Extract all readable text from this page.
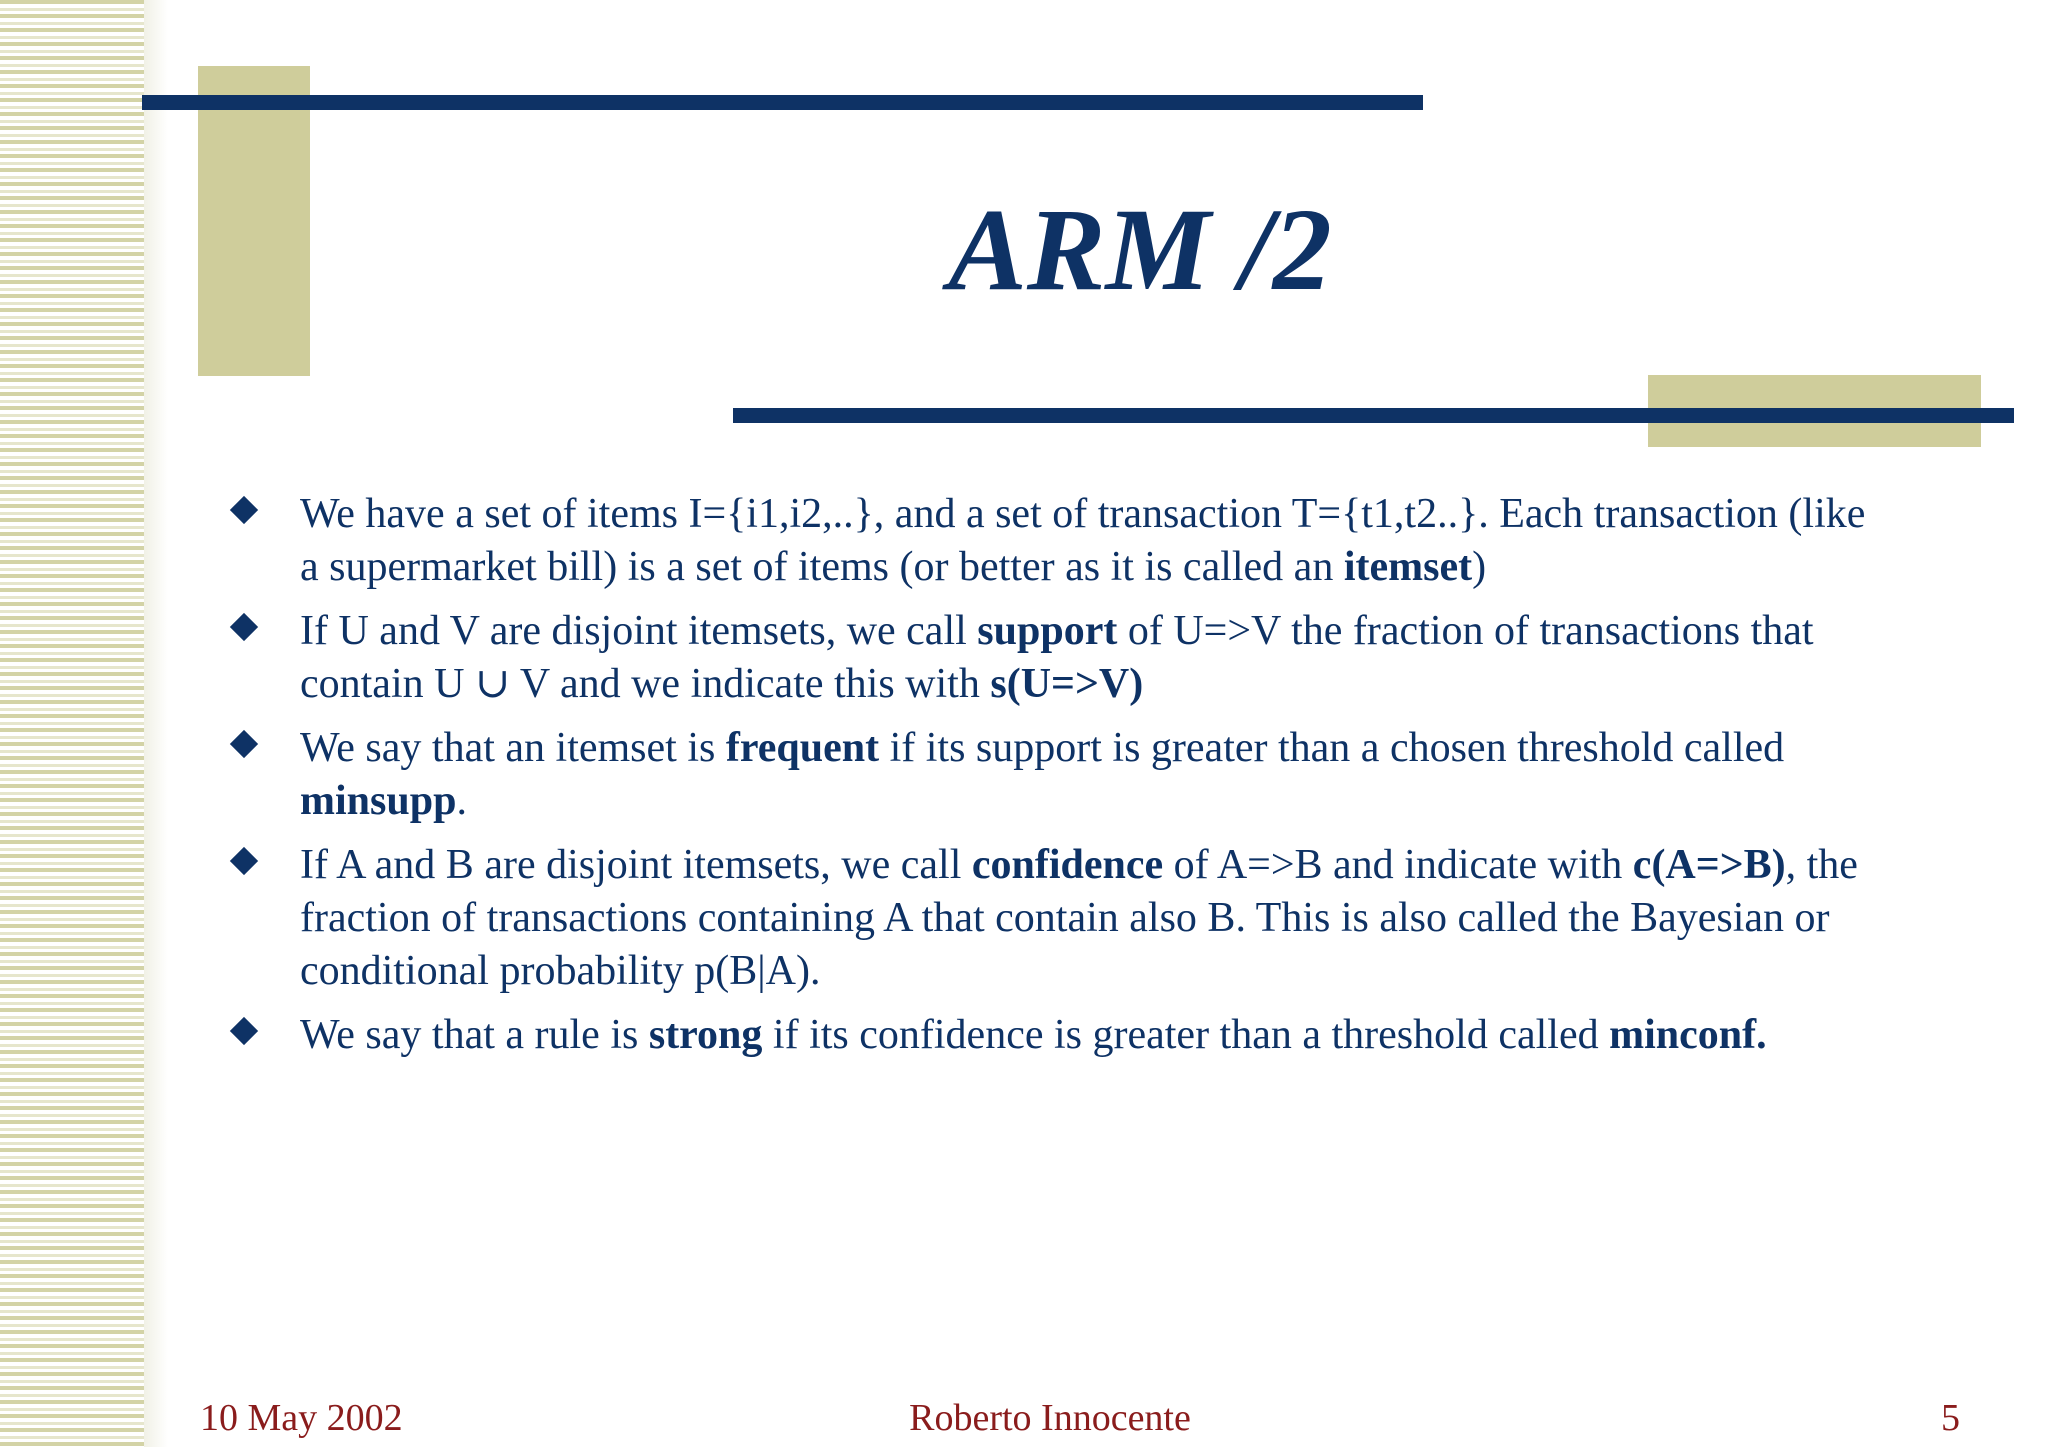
ARM /2
We have a set of items I={i1,i2,..}, and a set of transaction T={t1,t2..}. Each transaction (like a supermarket bill) is a set of items (or better as it is called an itemset)
If U and V are disjoint itemsets, we call support of U=>V the fraction of transactions that contain U ∪ V and we indicate this with s(U=>V)
We say that an itemset is frequent if its support is greater than a chosen threshold called minsupp.
If A and B are disjoint itemsets, we call confidence of A=>B and indicate with c(A=>B), the fraction of transactions containing A that contain also B. This is also called the Bayesian or conditional probability p(B|A).
We say that a rule is strong if its confidence is greater than a threshold called minconf.
10 May 2002	Roberto Innocente	5
